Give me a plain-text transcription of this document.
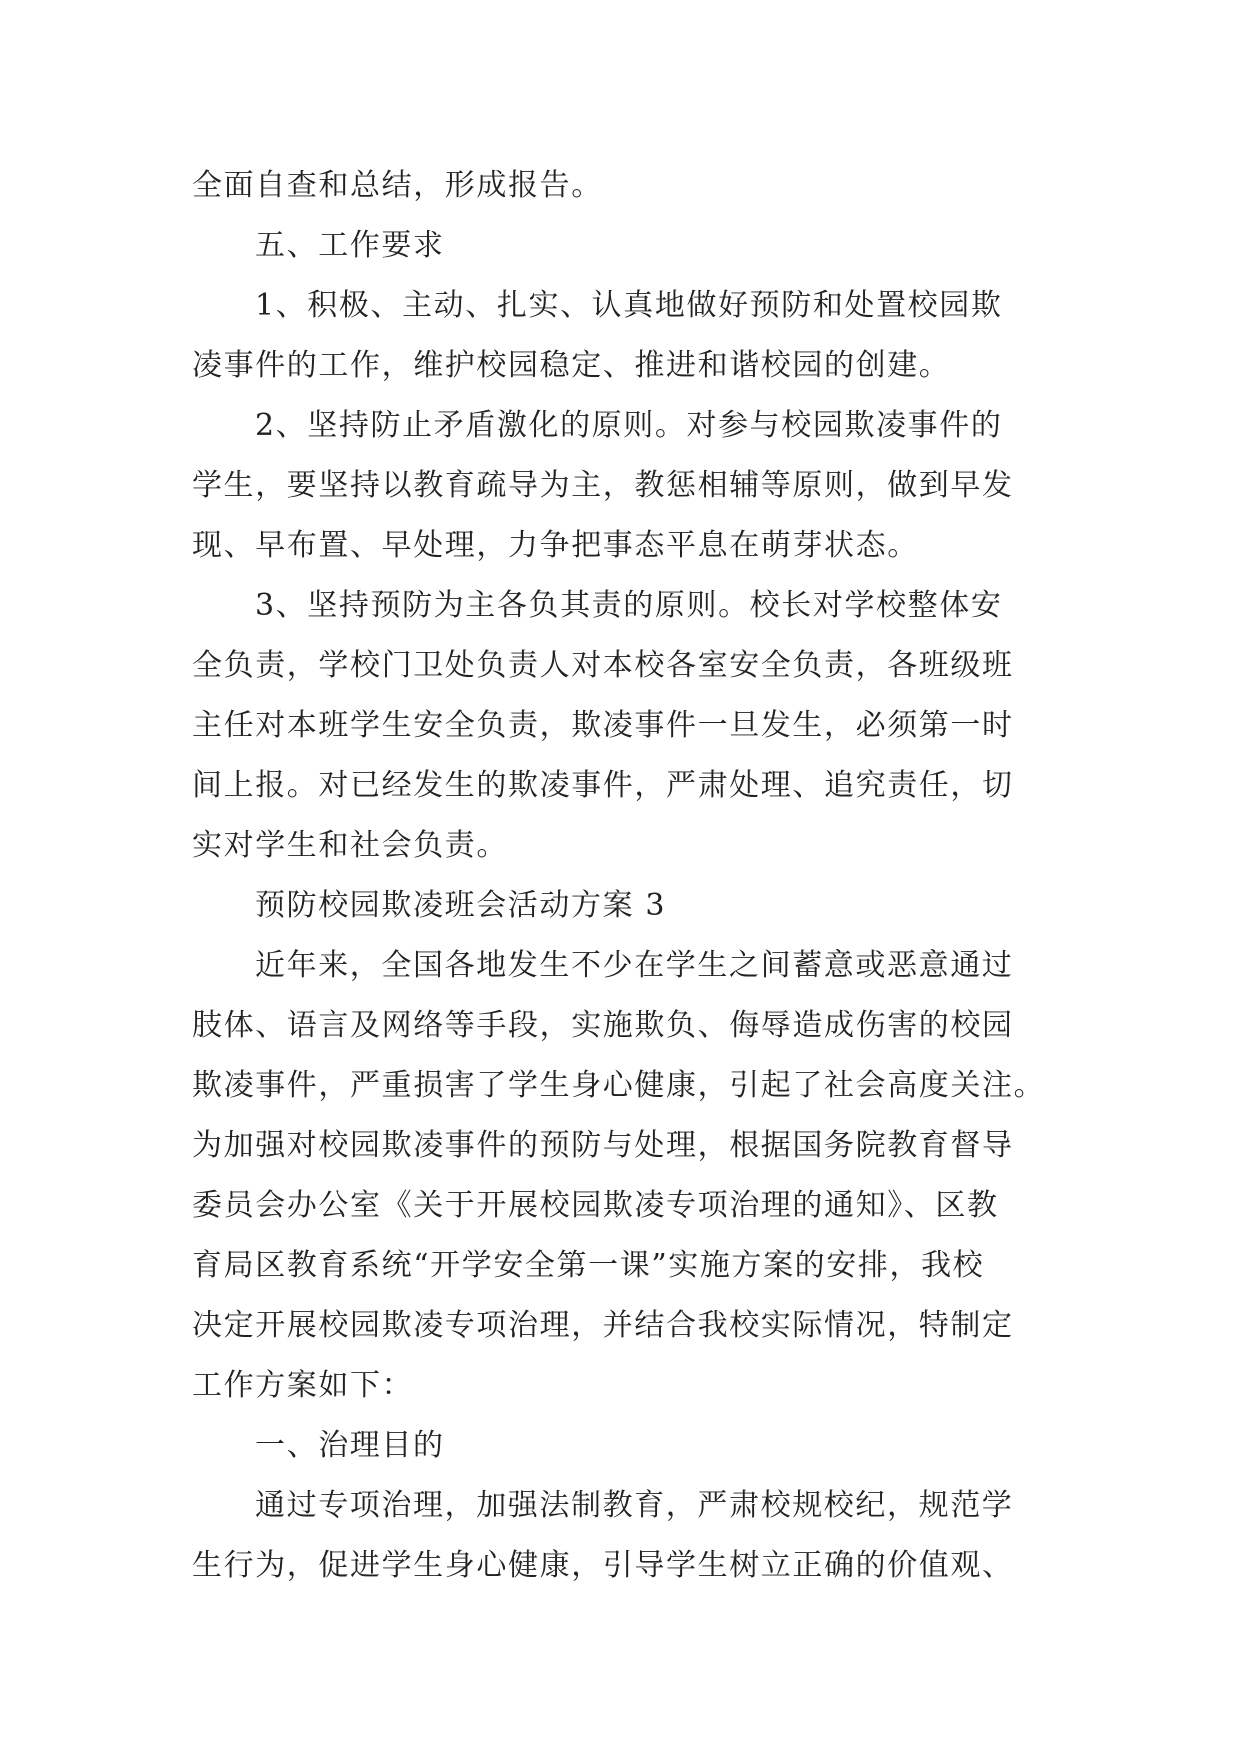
全面自查和总结，形成报告。
五、工作要求
1、积极、主动、扎实、认真地做好预防和处置校园欺
凌事件的工作，维护校园稳定、推进和谐校园的创建。
2、坚持防止矛盾激化的原则。对参与校园欺凌事件的
学生，要坚持以教育疏导为主，教惩相辅等原则，做到早发
现、早布置、早处理，力争把事态平息在萌芽状态。
3、坚持预防为主各负其责的原则。校长对学校整体安
全负责，学校门卫处负责人对本校各室安全负责，各班级班
主任对本班学生安全负责，欺凌事件一旦发生，必须第一时
间上报。对已经发生的欺凌事件，严肃处理、追究责任，切
实对学生和社会负责。
预防校园欺凌班会活动方案 3
近年来，全国各地发生不少在学生之间蓄意或恶意通过
肢体、语言及网络等手段，实施欺负、侮辱造成伤害的校园
欺凌事件，严重损害了学生身心健康，引起了社会高度关注。
为加强对校园欺凌事件的预防与处理，根据国务院教育督导
委员会办公室《关于开展校园欺凌专项治理的通知》、区教
育局区教育系统“开学安全第一课”实施方案的安排，我校
决定开展校园欺凌专项治理，并结合我校实际情况，特制定
工作方案如下：
一、治理目的
通过专项治理，加强法制教育，严肃校规校纪，规范学
生行为，促进学生身心健康，引导学生树立正确的价值观、
